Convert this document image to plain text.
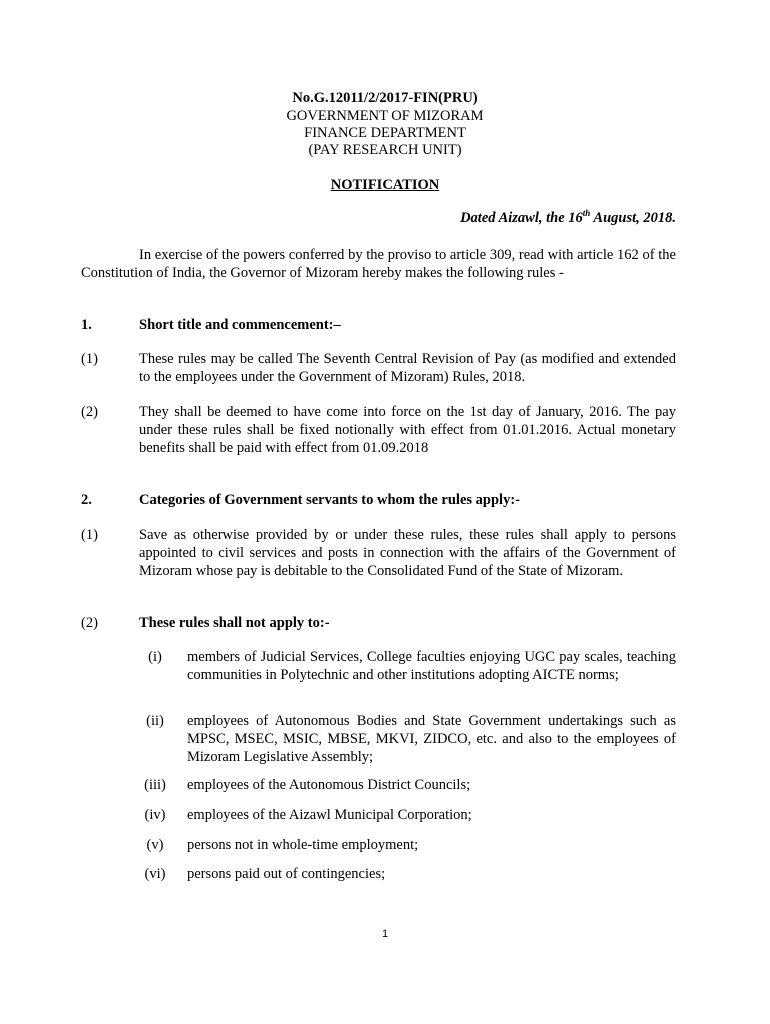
No.G.12011/2/2017-FIN(PRU)
GOVERNMENT OF MIZORAM
FINANCE DEPARTMENT
(PAY RESEARCH UNIT)
NOTIFICATION
Dated Aizawl, the 16th August, 2018.
In exercise of the powers conferred by the proviso to article 309, read with article 162 of the Constitution of India, the Governor of Mizoram hereby makes the following rules -
1.	Short title and commencement:–
(1)	These rules may be called The Seventh Central Revision of Pay (as modified and extended to the employees under the Government of Mizoram) Rules, 2018.
(2)	They shall be deemed to have come into force on the 1st day of January, 2016. The pay under these rules shall be fixed notionally with effect from 01.01.2016. Actual monetary benefits shall be paid with effect from 01.09.2018
2.	Categories of Government servants to whom the rules apply:-
(1)	Save as otherwise provided by or under these rules, these rules shall apply to persons appointed to civil services and posts in connection with the affairs of the Government of Mizoram whose pay is debitable to the Consolidated Fund of the State of Mizoram.
(2)	These rules shall not apply to:-
(i)	members of Judicial Services, College faculties enjoying UGC pay scales, teaching communities in Polytechnic and other institutions adopting AICTE norms;
(ii)	employees of Autonomous Bodies and State Government undertakings such as MPSC, MSEC, MSIC, MBSE, MKVI, ZIDCO, etc. and also to the employees of Mizoram Legislative Assembly;
(iii)	employees of the Autonomous District Councils;
(iv)	employees of the Aizawl Municipal Corporation;
(v)	persons not in whole-time employment;
(vi)	persons paid out of contingencies;
1
